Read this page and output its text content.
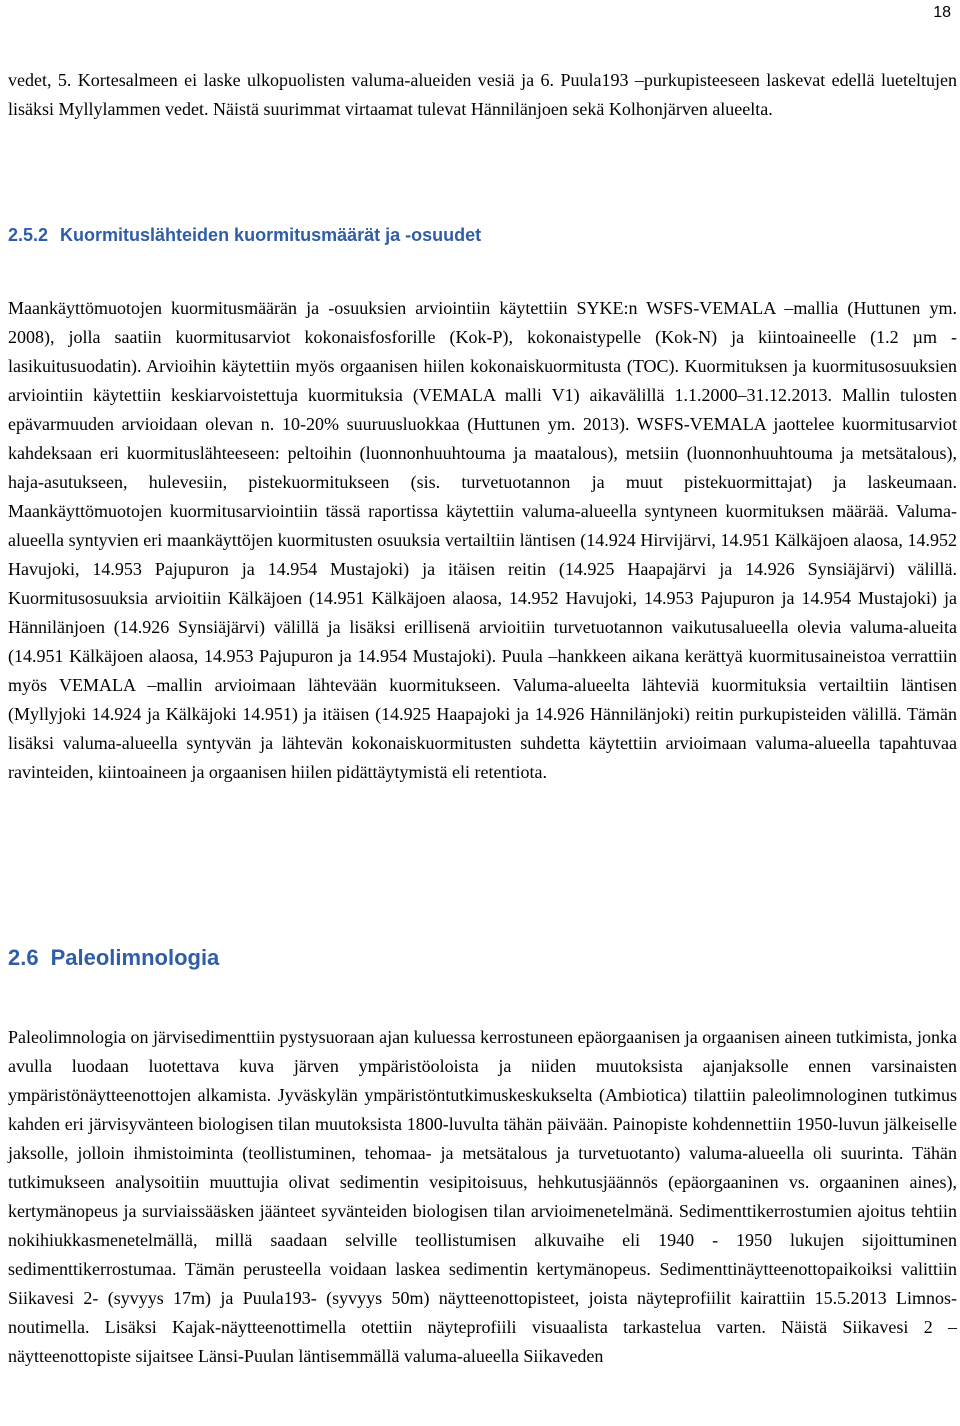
18

vedet, 5. Kortesalmeen ei laske ulkopuolisten valuma-alueiden vesiä ja 6. Puula193 –purkupisteeseen laskevat edellä lueteltujen lisäksi Myllylammen vedet. Näistä suurimmat virtaamat tulevat Hännilänjoen sekä Kolhonjärven alueelta.

2.5.2 Kuormituslähteiden kuormitusmäärät ja -osuudet

Maankäyttömuotojen kuormitusmäärän ja -osuuksien arviointiin käytettiin SYKE:n WSFS-VEMALA –mallia (Huttunen ym. 2008), jolla saatiin kuormitusarviot kokonaisfosforille (Kok-P), kokonaistypelle (Kok-N) ja kiintoaineelle (1.2 µm -lasikuitusuodatin). Arvioihin käytettiin myös orgaanisen hiilen kokonaiskuormitusta (TOC). Kuormituksen ja kuormitusosuuksien arviointiin käytettiin keskiarvoistettuja kuormituksia (VEMALA malli V1) aikavälillä 1.1.2000–31.12.2013. Mallin tulosten epävarmuuden arvioidaan olevan n. 10-20% suuruusluokkaa (Huttunen ym. 2013). WSFS-VEMALA jaottelee kuormitusarviot kahdeksaan eri kuormituslähteeseen: peltoihin (luonnonhuuhtouma ja maatalous), metsiin (luonnonhuuhtouma ja metsätalous), haja-asutukseen, hulevesiin, pistekuormitukseen (sis. turvetuotannon ja muut pistekuormittajat) ja laskeumaan. Maankäyttömuotojen kuormitusarviointiin tässä raportissa käytettiin valuma-alueella syntyneen kuormituksen määrää. Valuma-alueella syntyvien eri maankäyttöjen kuormitusten osuuksia vertailtiin läntisen (14.924 Hirvijärvi, 14.951 Kälkäjoen alaosa, 14.952 Havujoki, 14.953 Pajupuron ja 14.954 Mustajoki) ja itäisen reitin (14.925 Haapajärvi ja 14.926 Synsiäjärvi) välillä. Kuormitusosuuksia arvioitiin Kälkäjoen (14.951 Kälkäjoen alaosa, 14.952 Havujoki, 14.953 Pajupuron ja 14.954 Mustajoki) ja Hännilänjoen (14.926 Synsiäjärvi) välillä ja lisäksi erillisenä arvioitiin turvetuotannon vaikutusalueella olevia valuma-alueita (14.951 Kälkäjoen alaosa, 14.953 Pajupuron ja 14.954 Mustajoki). Puula –hankkeen aikana kerättyä kuormitusaineistoa verrattiin myös VEMALA –mallin arvioimaan lähtevään kuormitukseen. Valuma-alueelta lähteviä kuormituksia vertailtiin läntisen (Myllyjoki 14.924 ja Kälkäjoki 14.951) ja itäisen (14.925 Haapajoki ja 14.926 Hännilänjoki) reitin purkupisteiden välillä. Tämän lisäksi valuma-alueella syntyvän ja lähtevän kokonaiskuormitusten suhdetta käytettiin arvioimaan valuma-alueella tapahtuvaa ravinteiden, kiintoaineen ja orgaanisen hiilen pidättäytymistä eli retentiota.

2.6 Paleolimnologia

Paleolimnologia on järvisedimenttiin pystysuoraan ajan kuluessa kerrostuneen epäorgaanisen ja orgaanisen aineen tutkimista, jonka avulla luodaan luotettava kuva järven ympäristöoloista ja niiden muutoksista ajanjaksolle ennen varsinaisten ympäristönäytteenottojen alkamista. Jyväskylän ympäristöntutkimuskeskukselta (Ambiotica) tilattiin paleolimnologinen tutkimus kahden eri järvisyvänteen biologisen tilan muutoksista 1800-luvulta tähän päivään. Painopiste kohdennettiin 1950-luvun jälkeiselle jaksolle, jolloin ihmistoiminta (teollistuminen, tehomaa- ja metsätalous ja turvetuotanto) valuma-alueella oli suurinta. Tähän tutkimukseen analysoitiin muuttujia olivat sedimentin vesipitoisuus, hehkutusjäännös (epäorgaaninen vs. orgaaninen aines), kertymänopeus ja surviaissääsken jäänteet syvänteiden biologisen tilan arvioimenetelmänä. Sedimenttikerrostumien ajoitus tehtiin nokihiukkasmenetelmällä, millä saadaan selville teollistumisen alkuvaihe eli 1940 - 1950 lukujen sijoittuminen sedimenttikerrostumaa. Tämän perusteella voidaan laskea sedimentin kertymänopeus. Sedimenttinäytteenottopaikoiksi valittiin Siikavesi 2- (syvyys 17m) ja Puula193- (syvyys 50m) näytteenottopisteet, joista näyteprofiilit kairattiin 15.5.2013 Limnos-noutimella. Lisäksi Kajak-näytteenottimella otettiin näyteprofiili visuaalista tarkastelua varten. Näistä Siikavesi 2 –näytteenottopiste sijaitsee Länsi-Puulan läntisemmällä valuma-alueella Siikaveden
